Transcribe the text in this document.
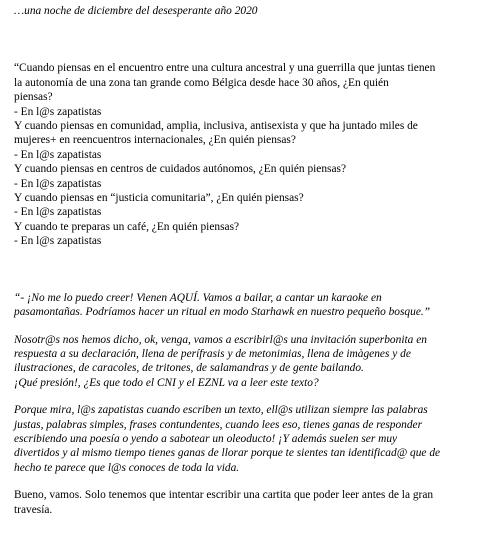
…una noche de diciembre del desesperante año 2020
“Cuando piensas en el encuentro entre una cultura ancestral y una guerrilla que juntas tienen
la autonomía de una zona tan grande como Bélgica desde hace 30 años, ¿En quién
piensas?
- En l@s zapatistas
Y cuando piensas en comunidad, amplia, inclusiva, antisexista y que ha juntado miles de
mujeres+ en reencuentros internacionales, ¿En quién piensas?
- En l@s zapatistas
Y cuando piensas en centros de cuidados autónomos, ¿En quién piensas?
- En l@s zapatistas
Y cuando piensas en “justicia comunitaria”, ¿En quién piensas?
- En l@s zapatistas
Y cuando te preparas un café, ¿En quién piensas?
- En l@s zapatistas
“- ¡No me lo puedo creer! Vienen AQUÍ. Vamos a bailar, a cantar un karaoke en
pasamontañas. Podríamos hacer un ritual en modo Starhawk en nuestro pequeño bosque.”
Nosotr@s nos hemos dicho, ok, venga, vamos a escribirl@s una invitación superbonita en
respuesta a su declaración, llena de perífrasis y de metonimias, llena de imàgenes y de
ilustraciones, de caracoles, de tritones, de salamandras y de gente bailando.
¡Qué presión!, ¿Es que todo el CNI y el EZNL va a leer este texto?
Porque mira, l@s zapatistas cuando escriben un texto, ell@s utilizan siempre las palabras
justas, palabras simples, frases contundentes, cuando lees eso, tienes ganas de responder
escribiendo una poesía o yendo a sabotear un oleoducto! ¡Y además suelen ser muy
divertidos y al mismo tiempo tienes ganas de llorar porque te sientes tan identificad@ que de
hecho te parece que l@s conoces de toda la vida.
Bueno, vamos. Solo tenemos que intentar escribir una cartita que poder leer antes de la gran
travesía.
